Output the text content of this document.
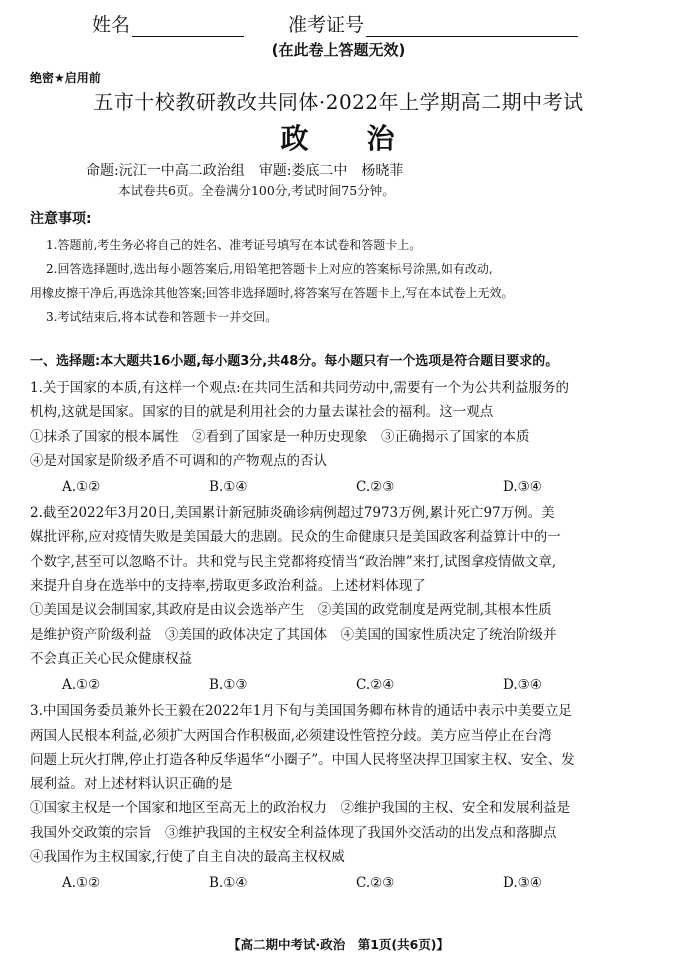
姓名	准考证号
(在此卷上答题无效)
绝密★启用前
五市十校教研教改共同体·2022年上学期高二期中考试
政 治
命题:沅江一中高二政治组 审题:娄底二中　杨晓菲
本试卷共6页。全卷满分100分,考试时间75分钟。
注意事项:

1.答题前,考生务必将自己的姓名、准考证号填写在本试卷和答题卡上。

2.回答选择题时,选出每小题答案后,用铅笔把答题卡上对应的答案标号涂黑,如有改动,

用橡皮擦干净后,再选涂其他答案;回答非选择题时,将答案写在答题卡上,写在本试卷上无效。

3.考试结束后,将本试卷和答题卡一并交回。

一、选择题:本大题共16小题,每小题3分,共48分。每小题只有一个选项是符合题目要求的。
1.关于国家的本质,有这样一个观点:在共同生活和共同劳动中,需要有一个为公共利益服务的
机构,这就是国家。国家的目的就是利用社会的力量去谋社会的福利。这一观点
①抹杀了国家的根本属性　②看到了国家是一种历史现象　③正确揭示了国家的本质
④是对国家是阶级矛盾不可调和的产物观点的否认
A.①②	B.①④	C.②③	D.③④
2.截至2022年3月20日,美国累计新冠肺炎确诊病例超过7973万例,累计死亡97万例。美
媒批评称,应对疫情失败是美国最大的悲剧。民众的生命健康只是美国政客利益算计中的一
个数字,甚至可以忽略不计。共和党与民主党都将疫情当“政治牌”来打,试图拿疫情做文章,
来提升自身在选举中的支持率,捞取更多政治利益。上述材料体现了
①美国是议会制国家,其政府是由议会选举产生　②美国的政党制度是两党制,其根本性质
是维护资产阶级利益　③美国的政体决定了其国体　④美国的国家性质决定了统治阶级并
不会真正关心民众健康权益
A.①②	B.①③	C.②④	D.③④
3.中国国务委员兼外长王毅在2022年1月下旬与美国国务卿布林肯的通话中表示中美要立足
两国人民根本利益,必须扩大两国合作积极面,必须建设性管控分歧。美方应当停止在台湾
问题上玩火打牌,停止打造各种反华遏华“小圈子”。中国人民将坚决捍卫国家主权、安全、发
展利益。对上述材料认识正确的是
①国家主权是一个国家和地区至高无上的政治权力　②维护我国的主权、安全和发展利益是
我国外交政策的宗旨　③维护我国的主权安全利益体现了我国外交活动的出发点和落脚点
④我国作为主权国家,行使了自主自决的最高主权权威
A.①②	B.①④	C.②③	D.③④
【高二期中考试·政治　第1页(共6页)】
